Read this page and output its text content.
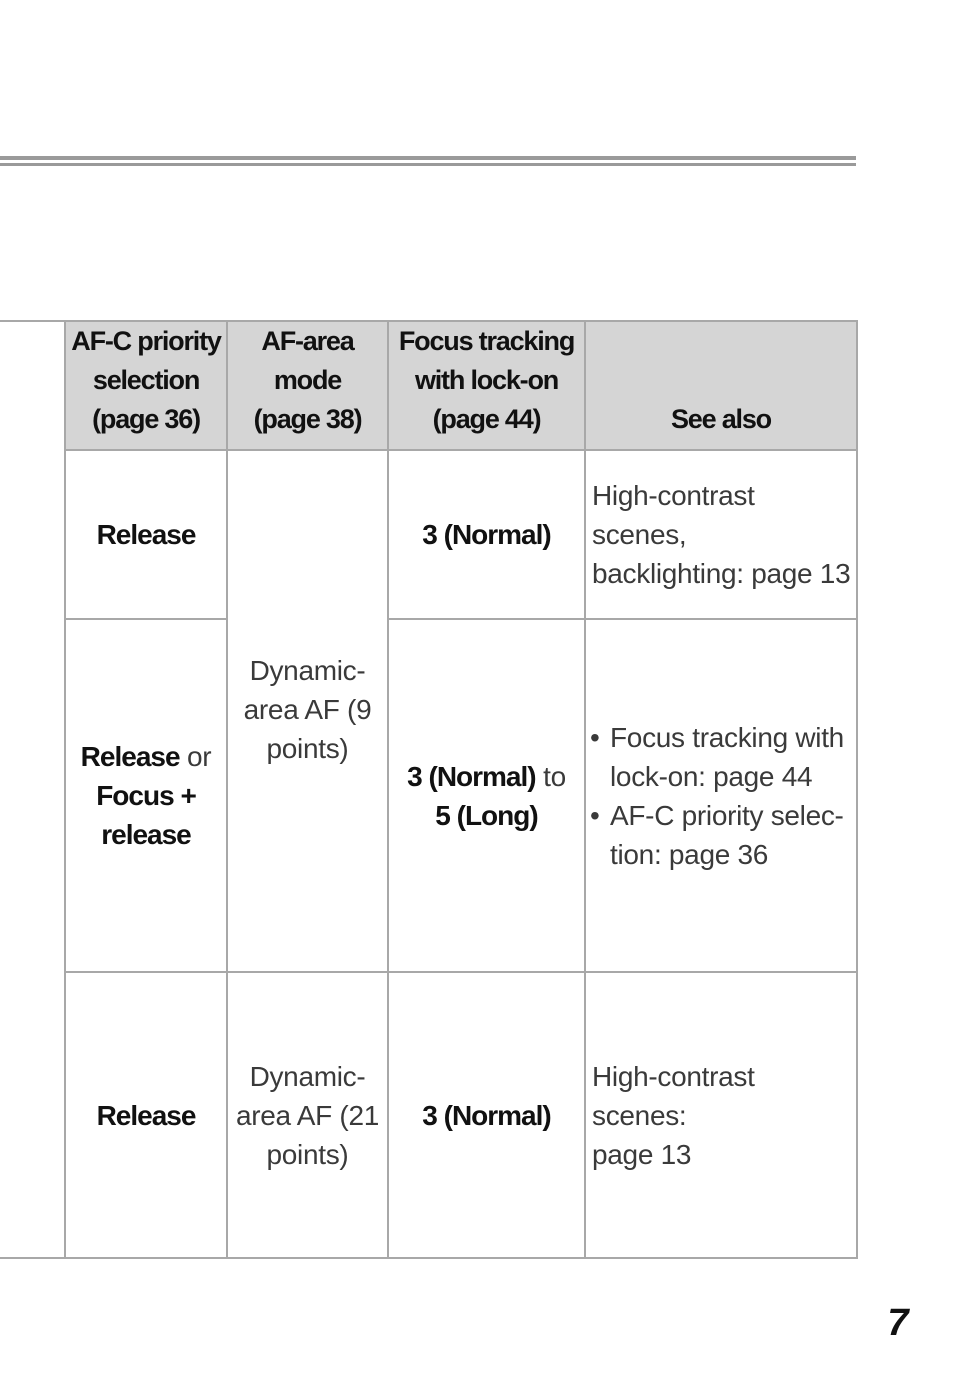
AF-C priority
selection
(page 36)
AF-area
mode
(page 38)
Focus tracking
with lock-on
(page 44)	See also
Release	3 (Normal)
High-contrast scenes,
backlighting: page 13
Dynamic-
area AF (9
points)
Release or
Focus +
release
3 (Normal) to
5 (Long)
• Focus tracking with
lock-on: page 44
• AF-C priority selec-
tion: page 36
Release
Dynamic-
area AF (21
points)
3 (Normal)
High-contrast scenes:
page 13
7
